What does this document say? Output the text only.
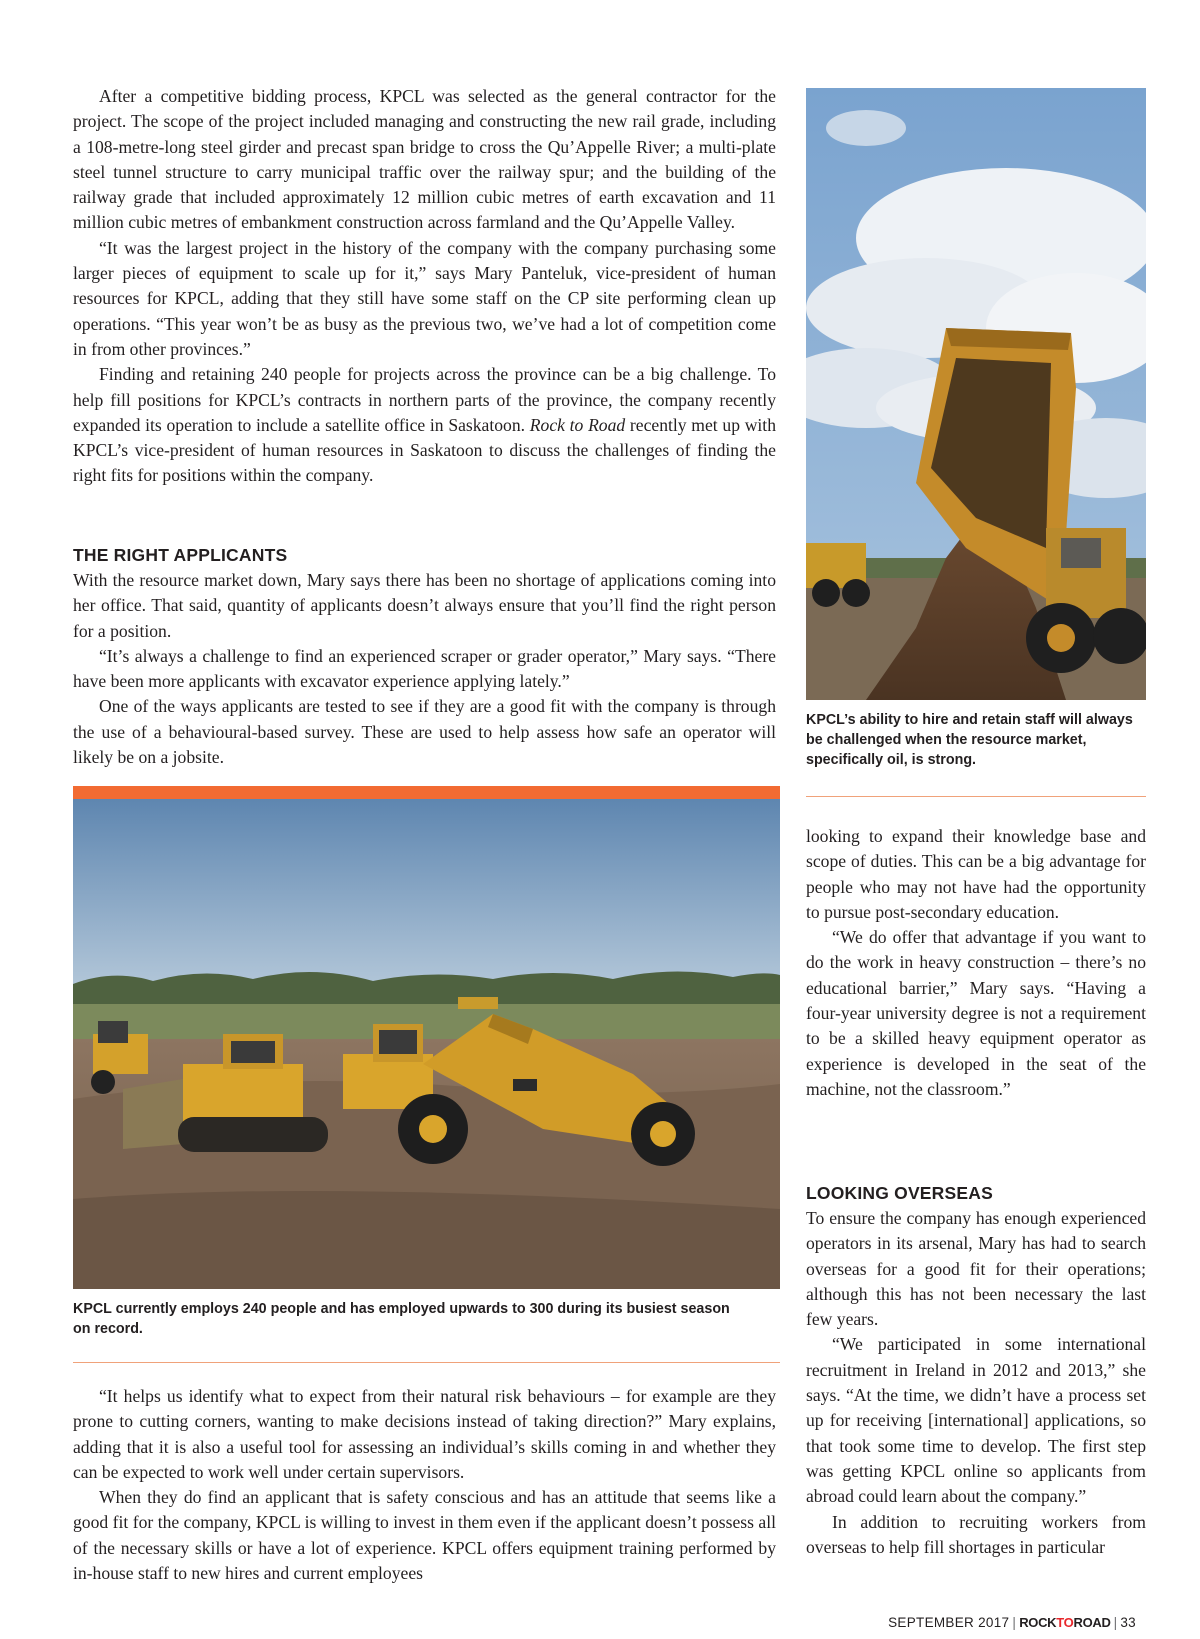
After a competitive bidding process, KPCL was selected as the general contractor for the project. The scope of the project included managing and constructing the new rail grade, including a 108-metre-long steel girder and precast span bridge to cross the Qu’Appelle River; a multi-plate steel tunnel structure to carry municipal traffic over the railway spur; and the building of the railway grade that included approximately 12 million cubic metres of earth excavation and 11 million cubic metres of embankment construction across farmland and the Qu’Appelle Valley.

“It was the largest project in the history of the company with the company purchasing some larger pieces of equipment to scale up for it,” says Mary Panteluk, vice-president of human resources for KPCL, adding that they still have some staff on the CP site performing clean up operations. “This year won’t be as busy as the previous two, we’ve had a lot of competition come in from other provinces.”

Finding and retaining 240 people for projects across the province can be a big challenge. To help fill positions for KPCL’s contracts in northern parts of the province, the company recently expanded its operation to include a satellite office in Saskatoon. Rock to Road recently met up with KPCL’s vice-president of human resources in Saskatoon to discuss the challenges of finding the right fits for positions within the company.

THE RIGHT APPLICANTS

With the resource market down, Mary says there has been no shortage of applications coming into her office. That said, quantity of applicants doesn’t always ensure that you’ll find the right person for a position.

“It’s always a challenge to find an experienced scraper or grader operator,” Mary says. “There have been more applicants with excavator experience applying lately.”

One of the ways applicants are tested to see if they are a good fit with the company is through the use of a behavioural-based survey. These are used to help assess how safe an operator will likely be on a jobsite.

KPCL’s ability to hire and retain staff will always be challenged when the resource market, specifically oil, is strong.

KPCL currently employs 240 people and has employed upwards to 300 during its busiest season on record.

“It helps us identify what to expect from their natural risk behaviours – for example are they prone to cutting corners, wanting to make decisions instead of taking direction?” Mary explains, adding that it is also a useful tool for assessing an individual’s skills coming in and whether they can be expected to work well under certain supervisors.

When they do find an applicant that is safety conscious and has an attitude that seems like a good fit for the company, KPCL is willing to invest in them even if the applicant doesn’t possess all of the necessary skills or have a lot of experience. KPCL offers equipment training performed by in-house staff to new hires and current employees

looking to expand their knowledge base and scope of duties. This can be a big advantage for people who may not have had the opportunity to pursue post-secondary education.

“We do offer that advantage if you want to do the work in heavy construction – there’s no educational barrier,” Mary says. “Having a four-year university degree is not a requirement to be a skilled heavy equipment operator as experience is developed in the seat of the machine, not the classroom.”

LOOKING OVERSEAS

To ensure the company has enough experienced operators in its arsenal, Mary has had to search overseas for a good fit for their operations; although this has not been necessary the last few years.

“We participated in some international recruitment in Ireland in 2012 and 2013,” she says. “At the time, we didn’t have a process set up for receiving [international] applications, so that took some time to develop. The first step was getting KPCL online so applicants from abroad could learn about the company.”

In addition to recruiting workers from overseas to help fill shortages in particular

SEPTEMBER 2017 | ROCKTOROAD | 33
